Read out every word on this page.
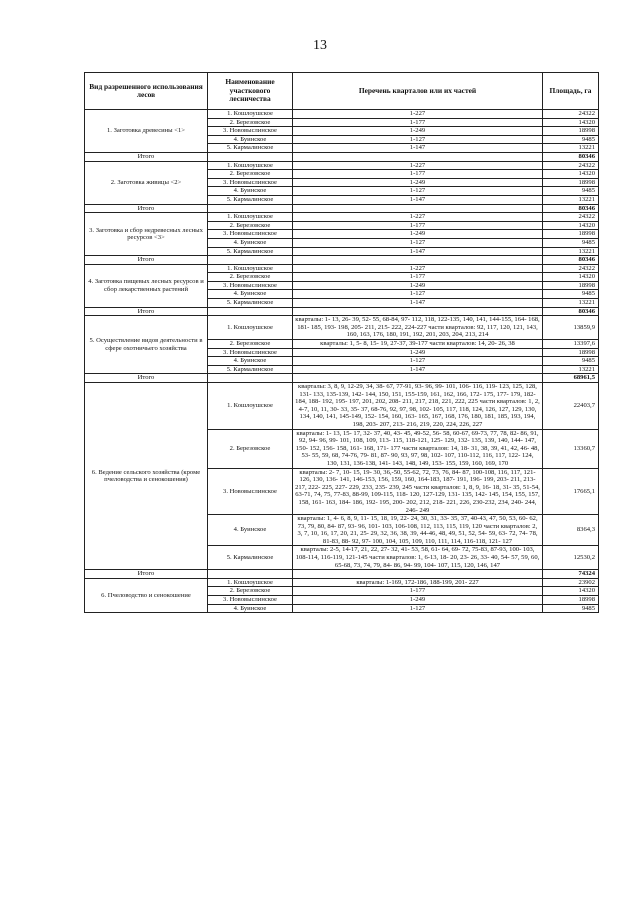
13
Вид разрешенного использования лесов	Наименование участкового лесничества	Перечень кварталов или их частей	Площадь, га
1. Заготовка древесины <1>	1. Кошлоушское	1-227	24322
	2. Березовское	1-177	14320
	3. Нововыслинское	1-249	18998
	4. Буинское	1-127	9485
	5. Кармалинское	1-147	13221
Итого			80346
2. Заготовка живицы <2>	1. Кошлоушское	1-227	24322
	2. Березовское	1-177	14320
	3. Нововыслинское	1-249	18998
	4. Буинское	1-127	9485
	5. Кармалинское	1-147	13221
Итого			80346
3. Заготовка и сбор недревесных лесных ресурсов <3>	1. Кошлоушское	1-227	24322
	2. Березовское	1-177	14320
	3. Нововыслинское	1-249	18998
	4. Буинское	1-127	9485
	5. Кармалинское	1-147	13221
Итого			80346
4. Заготовка пищевых лесных ресурсов и сбор лекарственных растений	1. Кошлоушское	1-227	24322
	2. Березовское	1-177	14320
	3. Нововыслинское	1-249	18998
	4. Буинское	1-127	9485
	5. Кармалинское	1-147	13221
Итого			80346
5. Осуществление видов деятельности в сфере охотничьего хозяйства	1. Кошлоушское	кварталы: 1- 13, 26- 39, 52- 55, 68-84, 97- 112, 118, 122-135, 140, 141, 144-155, 164- 168, 181- 185, 193- 198, 205- 211, 215- 222, 224-227 части кварталов: 92, 117, 120, 121, 143, 160, 163, 176, 180, 191, 192, 201, 203, 204, 213, 214	13859,9
	2. Березовское	кварталы: 1, 5- 8, 15- 19, 27-37, 39-177 части кварталов: 14, 20- 26, 38	13397,6
	3. Нововыслинское	1-249	18998
	4. Буинское	1-127	9485
	5. Кармалинское	1-147	13221
Итого			68961,5
6. Ведение сельского хозяйства (кроме пчеловодства и сенокошения)	1. Кошлоушское	кварталы: 3, 8, 9, 12-29, 34, 38- 67, 77-91, 93- 96, 99- 101, 106- 116, 119- 123, 125, 128, 131- 133, 135-139, 142- 144, 150, 151, 155-159, 161, 162, 166, 172- 175, 177- 179, 182- 184, 188- 192, 195- 197, 201, 202, 208- 211, 217, 218, 221, 222, 225 части кварталов: 1, 2, 4-7, 10, 11, 30- 33, 35- 37, 68-76, 92, 97, 98, 102- 105, 117, 118, 124, 126, 127, 129, 130, 134, 140, 141, 145-149, 152- 154, 160, 163- 165, 167, 168, 176, 180, 181, 185, 193, 194, 198, 203- 207, 213- 216, 219, 220, 224, 226, 227	22403,7
	2. Березовское	кварталы: 1- 13, 15- 17, 32- 37, 40, 43- 45, 49-52, 56- 58, 60-67, 69-73, 77, 78, 82- 86, 91, 92, 94- 96, 99- 101, 108, 109, 113- 115, 118-121, 125- 129, 132- 135, 139, 140, 144- 147, 150- 152, 156- 158, 161- 168, 171- 177 части кварталов: 14, 18- 31, 38, 39, 41, 42, 46- 48, 53- 55, 59, 68, 74-76, 79- 81, 87- 90, 93, 97, 98, 102- 107, 110-112, 116, 117, 122- 124, 130, 131, 136-138, 141- 143, 148, 149, 153- 155, 159, 160, 169, 170	13360,7
	3. Нововыслинское	кварталы: 2- 7, 10- 15, 19- 30, 36,-50, 55-62, 72, 73, 76, 84- 87, 100-108, 116, 117, 121-126, 130, 136- 141, 146-153, 156, 159, 160, 164-183, 187- 191, 196- 199, 203- 211, 213- 217, 222- 225, 227- 229, 233, 235- 239, 245 части кварталов: 1, 8, 9, 16- 18, 31- 35, 51-54, 63-71, 74, 75, 77-83, 88-99, 109-115, 118- 120, 127-129, 131- 135, 142- 145, 154, 155, 157, 158, 161- 163, 184- 186, 192- 195, 200- 202, 212, 218- 221, 226, 230-232, 234, 240- 244, 246- 249	17665,1
	4. Буинское	кварталы: 1, 4- 6, 8, 9, 11- 15, 18, 19, 22- 24, 30, 31, 33- 35, 37, 40-43, 47, 50, 53, 60- 62, 73, 79, 80, 84- 87, 93- 96, 101- 103, 106-108, 112, 113, 115, 119, 120 части кварталов: 2, 3, 7, 10, 16, 17, 20, 21, 25- 29, 32, 36, 38, 39, 44-46, 48, 49, 51, 52, 54- 59, 63- 72, 74- 78, 81-83, 88- 92, 97- 100, 104, 105, 109, 110, 111, 114, 116-118, 121- 127	8364,3
	5. Кармалинское	кварталы: 2-5, 14-17, 21, 22, 27- 32, 41- 53, 58, 61- 64, 69- 72, 75-83, 87-93, 100- 103, 108-114, 116-119, 121-145 части кварталов: 1, 6-13, 18- 20, 23- 26, 33- 40, 54- 57, 59, 60, 65-68, 73, 74, 79, 84- 86, 94- 99, 104- 107, 115, 120, 146, 147	12530,2
Итого			74324
6. Пчеловодство и сенокошение	1. Кошлоушское	кварталы: 1-169, 172-186, 188-199, 201- 227	23902
	2. Березовское	1-177	14320
	3. Нововыслинское	1-249	18998
	4. Буинское	1-127	9485
